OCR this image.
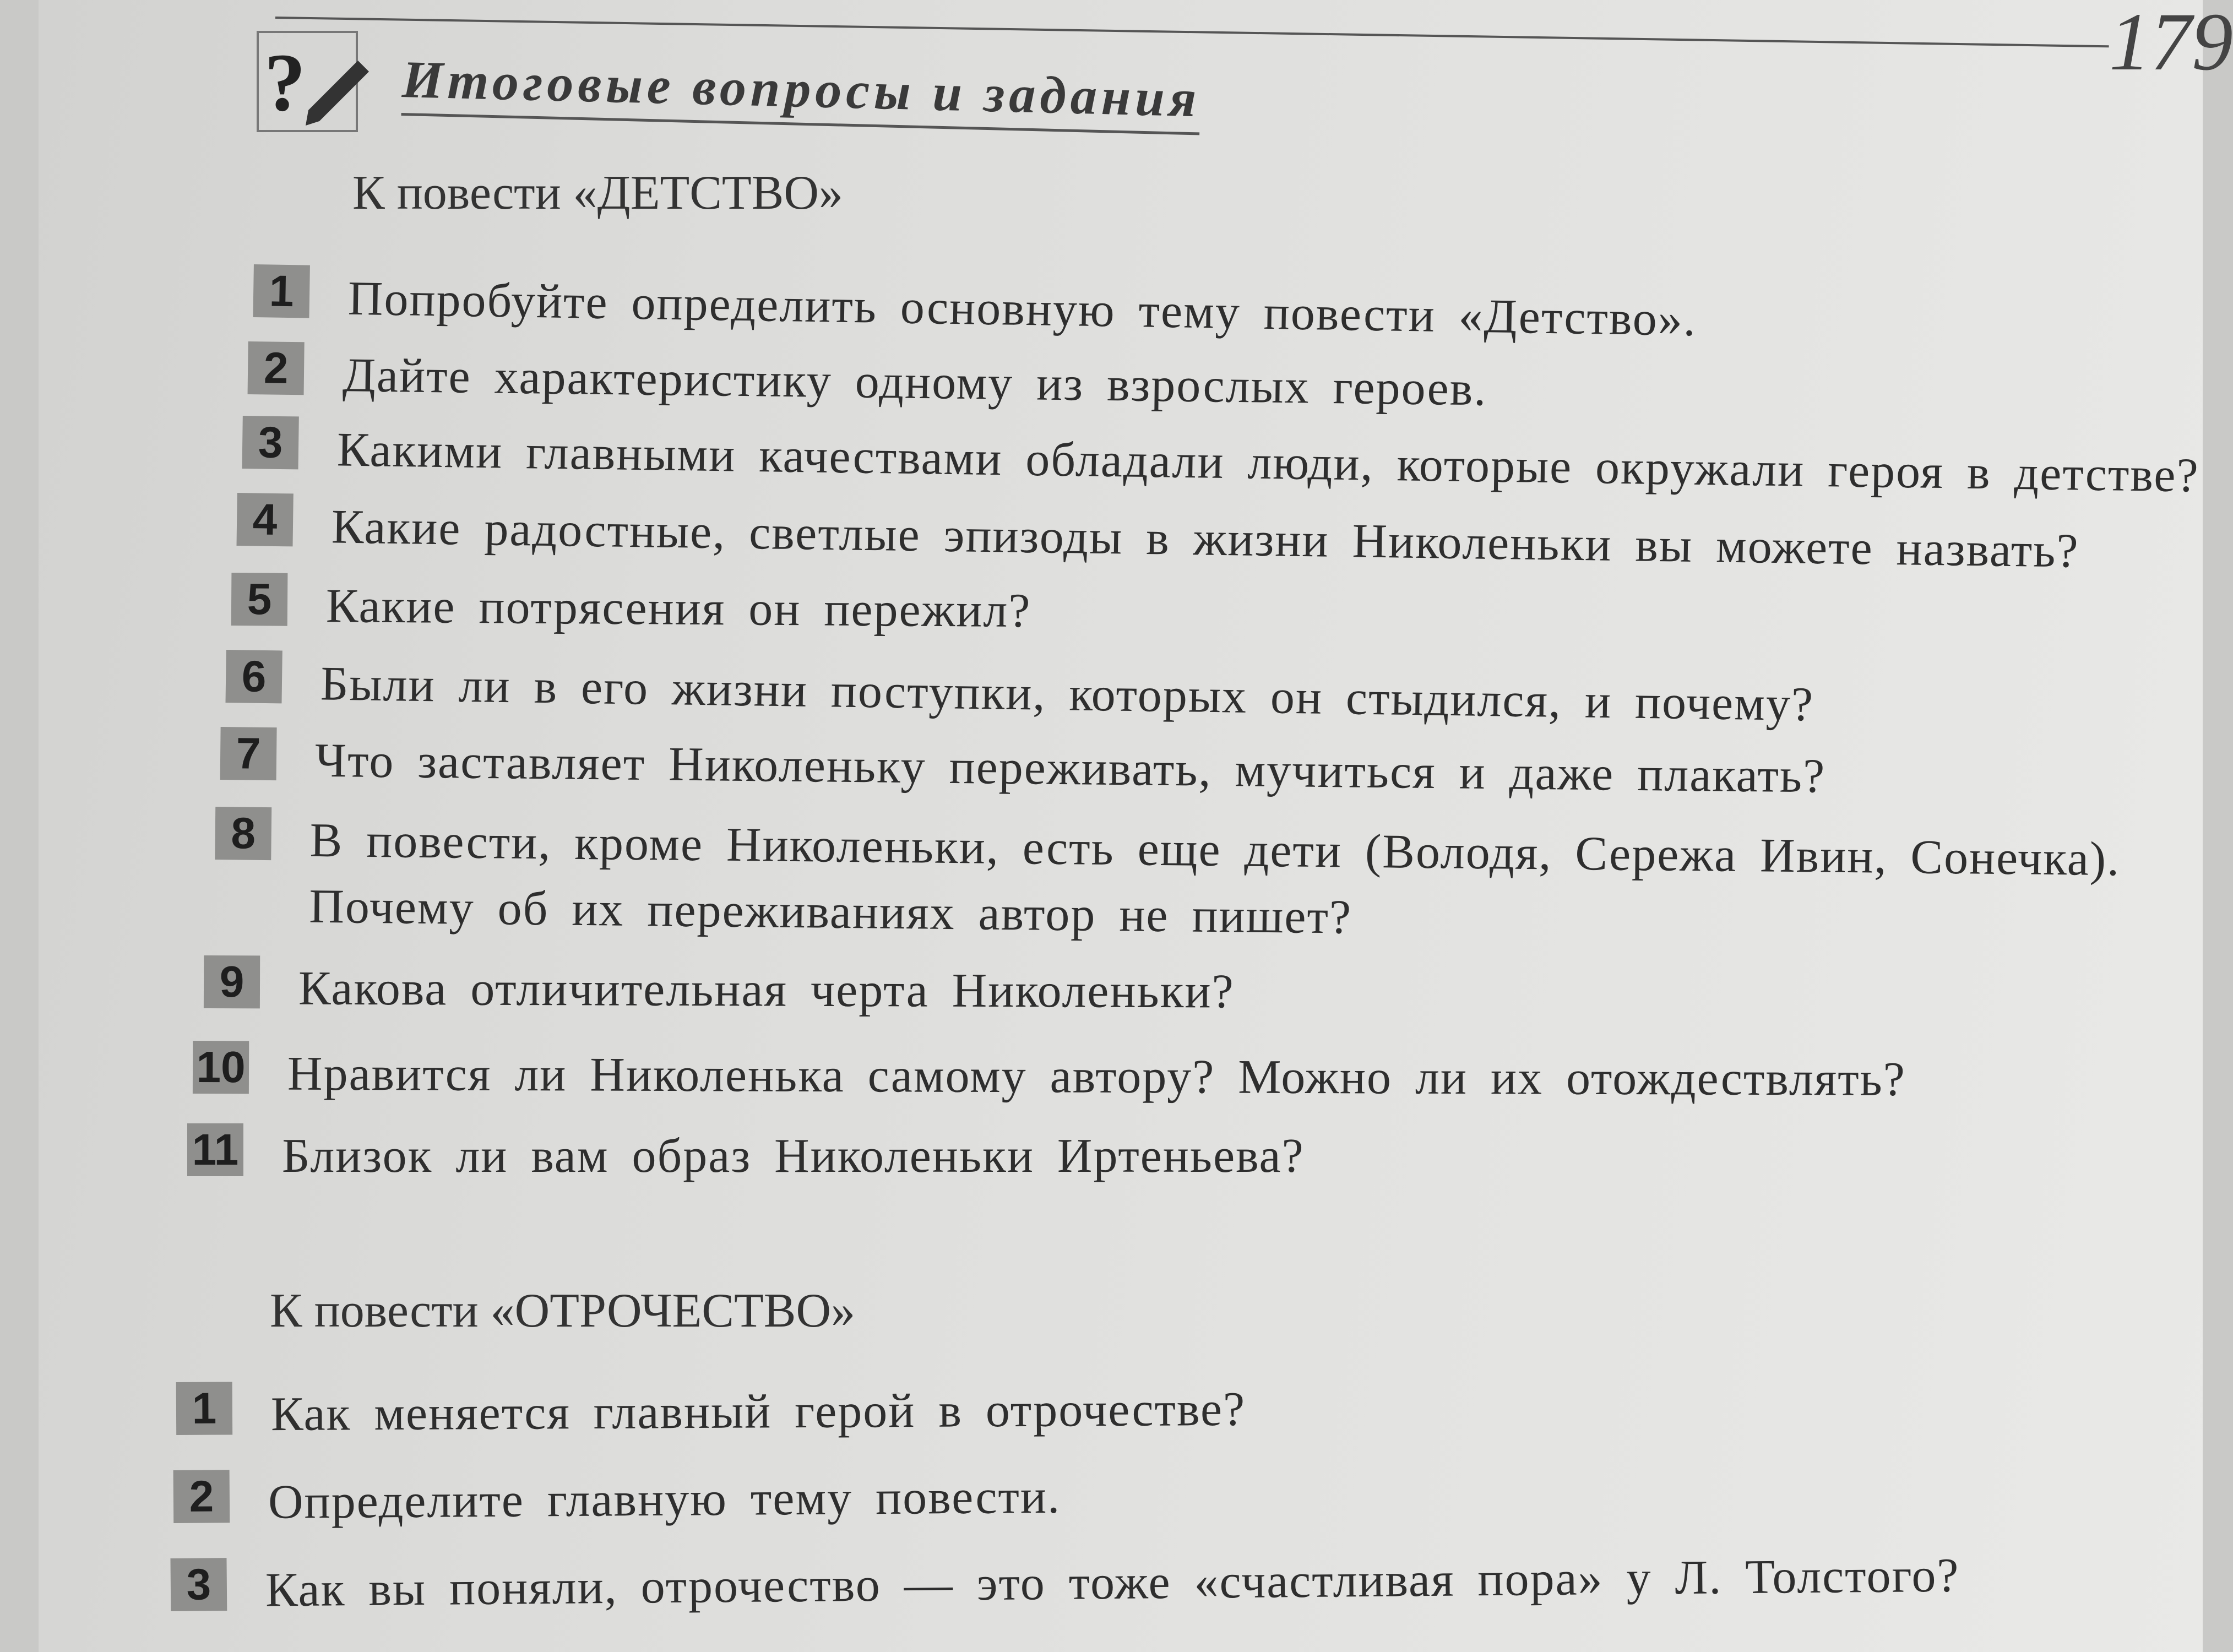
179
? Итоговые вопросы и задания
К повести «ДЕТСТВО»
1	Попробуйте определить основную тему повести «Детство».
2	Дайте характеристику одному из взрослых героев.
3	Какими главными качествами обладали люди, которые окружали героя в детстве?
4	Какие радостные, светлые эпизоды в жизни Николеньки вы можете назвать?
5	Какие потрясения он пережил?
6	Были ли в его жизни поступки, которых он стыдился, и почему?
7	Что заставляет Николеньку переживать, мучиться и даже плакать?
8	В повести, кроме Николеньки, есть еще дети (Володя, Сережа Ивин, Сонечка). Почему об их переживаниях автор не пишет?
9	Какова отличительная черта Николеньки?
10 Нравится ли Николенька самому автору? Можно ли их отождествлять?
11 Близок ли вам образ Николеньки Иртеньева?
К повести «ОТРОЧЕСТВО»
1	Как меняется главный герой в отрочестве?
2	Определите главную тему повести.
3	Как вы поняли, отрочество — это тоже «счастливая пора» у Л. Толстого?
